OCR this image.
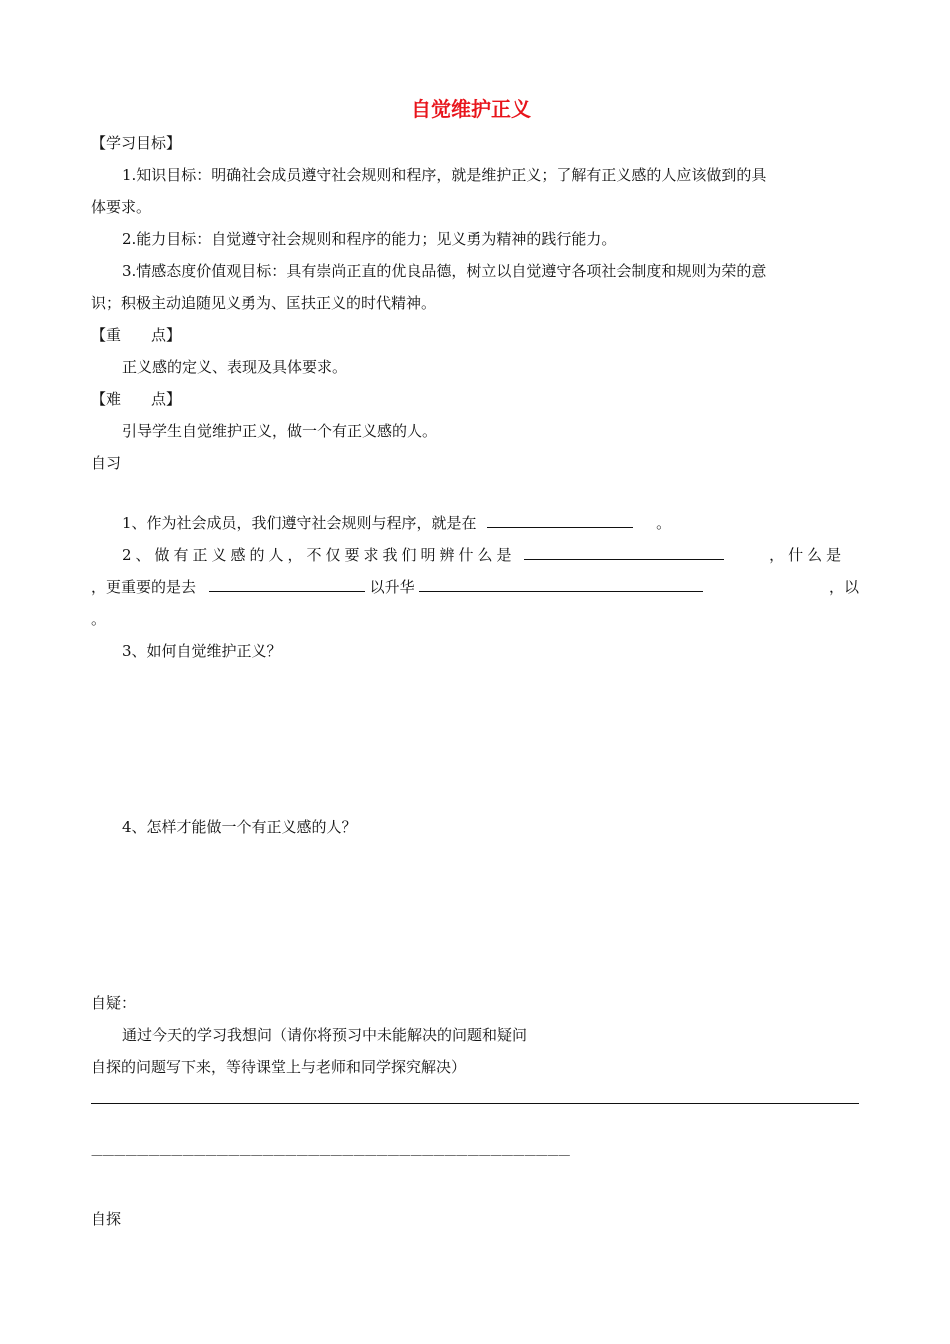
自觉维护正义
【学习目标】
1.知识目标：明确社会成员遵守社会规则和程序，就是维护正义；了解有正义感的人应该做到的具
体要求。
2.能力目标：自觉遵守社会规则和程序的能力；见义勇为精神的践行能力。
3.情感态度价值观目标：具有崇尚正直的优良品德，树立以自觉遵守各项社会制度和规则为荣的意
识；积极主动追随见义勇为、匡扶正义的时代精神。
【重　　点】
正义感的定义、表现及具体要求。
【难　　点】
引导学生自觉维护正义，做一个有正义感的人。
自习
1、作为社会成员，我们遵守社会规则与程序，就是在	。
2、做有正义感的人，不仅要求我们明辨什么是	，什么是
，更重要的是去	以升华	，以
。
3、如何自觉维护正义？
4、怎样才能做一个有正义感的人？
自疑：
通过今天的学习我想问（请你将预习中未能解决的问题和疑问
自探的问题写下来，等待课堂上与老师和同学探究解决）
——————————————————————————————————————————
自探
